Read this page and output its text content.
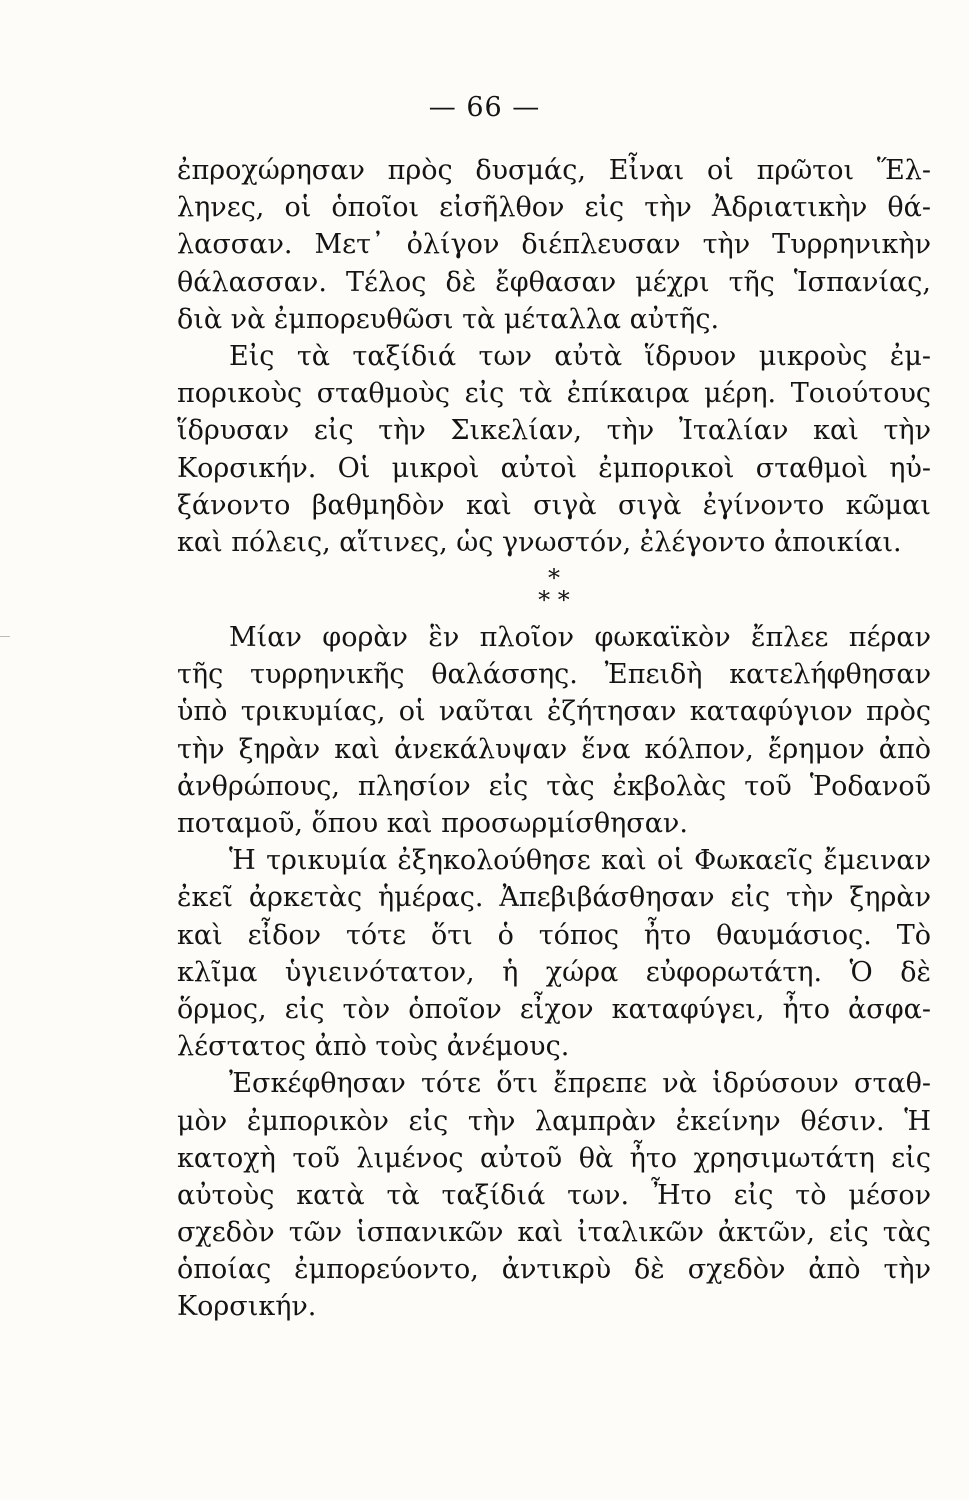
— 66 —
ἐπροχώρησαν πρὸς δυσμάς, Εἶναι οἱ πρῶτοι Ἕλ-
ληνες, οἱ ὁποῖοι εἰσῆλθον εἰς τὴν Ἀδριατικὴν θά-
λασσαν. Μετ᾽ ὀλίγον διέπλευσαν τὴν Τυρρηνικὴν
θάλασσαν. Τέλος δὲ ἔφθασαν μέχρι τῆς Ἱσπανίας,
διὰ νὰ ἐμπορευθῶσι τὰ μέταλλα αὐτῆς.
Εἰς τὰ ταξίδιά των αὐτὰ ἵδρυον μικροὺς ἐμ-
πορικοὺς σταθμοὺς εἰς τὰ ἐπίκαιρα μέρη. Τοιούτους
ἵδρυσαν εἰς τὴν Σικελίαν, τὴν Ἰταλίαν καὶ τὴν
Κορσικήν. Οἱ μικροὶ αὐτοὶ ἐμπορικοὶ σταθμοὶ ηὐ-
ξάνοντο βαθμηδὸν καὶ σιγὰ σιγὰ ἐγίνοντο κῶμαι
καὶ πόλεις, αἵτινες, ὡς γνωστόν, ἐλέγοντο ἀποικίαι.
*
* *
Μίαν φορὰν ἓν πλοῖον φωκαϊκὸν ἔπλεε πέραν
τῆς τυρρηνικῆς θαλάσσης. Ἐπειδὴ κατελήφθησαν
ὑπὸ τρικυμίας, οἱ ναῦται ἐζήτησαν καταφύγιον πρὸς
τὴν ξηρὰν καὶ ἀνεκάλυψαν ἕνα κόλπον, ἔρημον ἀπὸ
ἀνθρώπους, πλησίον εἰς τὰς ἐκβολὰς τοῦ Ῥοδανοῦ
ποταμοῦ, ὅπου καὶ προσωρμίσθησαν.
Ἡ τρικυμία ἐξηκολούθησε καὶ οἱ Φωκαεῖς ἔμειναν
ἐκεῖ ἀρκετὰς ἡμέρας. Ἀπεβιβάσθησαν εἰς τὴν ξηρὰν
καὶ εἶδον τότε ὅτι ὁ τόπος ἦτο θαυμάσιος. Τὸ
κλῖμα ὑγιεινότατον, ἡ χώρα εὐφορωτάτη. Ὁ δὲ
ὅρμος, εἰς τὸν ὁποῖον εἶχον καταφύγει, ἦτο ἀσφα-
λέστατος ἀπὸ τοὺς ἀνέμους.
Ἐσκέφθησαν τότε ὅτι ἔπρεπε νὰ ἱδρύσουν σταθ-
μὸν ἐμπορικὸν εἰς τὴν λαμπρὰν ἐκείνην θέσιν. Ἡ
κατοχὴ τοῦ λιμένος αὐτοῦ θὰ ἦτο χρησιμωτάτη εἰς
αὐτοὺς κατὰ τὰ ταξίδιά των. Ἦτο εἰς τὸ μέσον
σχεδὸν τῶν ἱσπανικῶν καὶ ἰταλικῶν ἀκτῶν, εἰς τὰς
ὁποίας ἐμπορεύοντο, ἀντικρὺ δὲ σχεδὸν ἀπὸ τὴν
Κορσικήν.
